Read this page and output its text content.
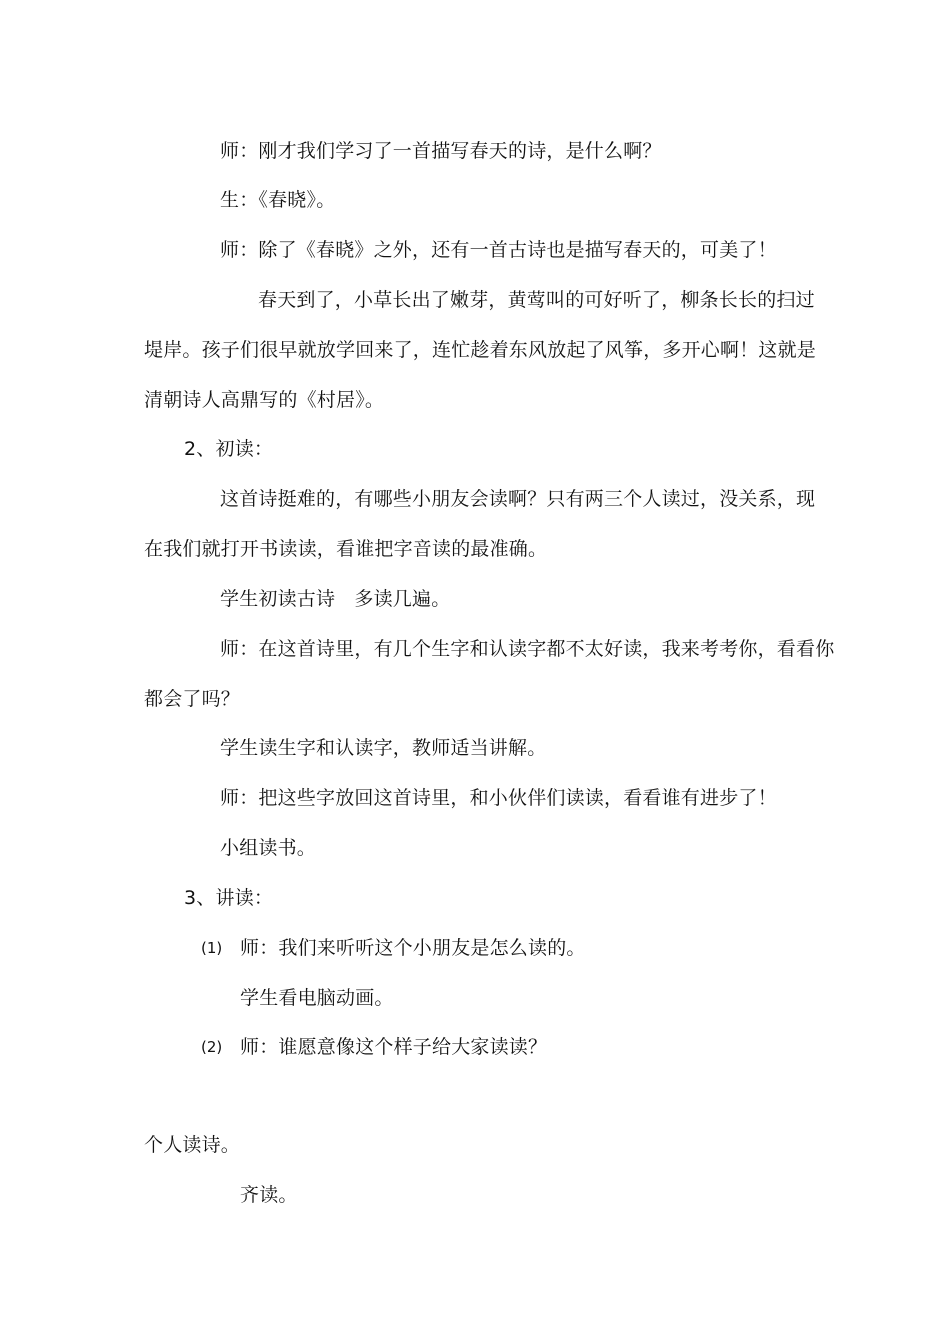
师：刚才我们学习了一首描写春天的诗，是什么啊？
生：《春晓》。
师：除了《春晓》之外，还有一首古诗也是描写春天的，可美了！
春天到了，小草长出了嫩芽，黄莺叫的可好听了，柳条长长的扫过
堤岸。孩子们很早就放学回来了，连忙趁着东风放起了风筝，多开心啊！这就是
清朝诗人高鼎写的《村居》。
2、初读：
这首诗挺难的，有哪些小朋友会读啊？只有两三个人读过，没关系，现
在我们就打开书读读，看谁把字音读的最准确。
学生初读古诗　多读几遍。
师：在这首诗里，有几个生字和认读字都不太好读，我来考考你，看看你
都会了吗？
学生读生字和认读字，教师适当讲解。
师：把这些字放回这首诗里，和小伙伴们读读，看看谁有进步了！
小组读书。
3、讲读：
(1) 师：我们来听听这个小朋友是怎么读的。
学生看电脑动画。
(2) 师：谁愿意像这个样子给大家读读？
个人读诗。
齐读。
